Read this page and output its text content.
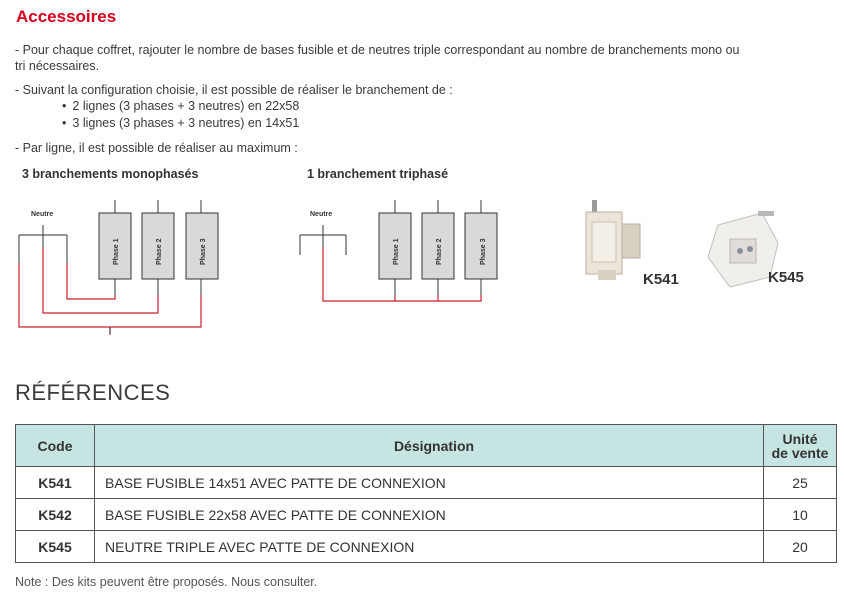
Accessoires
- Pour chaque coffret, rajouter le nombre de bases fusible et de neutres triple correspondant au nombre de branchements mono ou
tri nécessaires.
- Suivant la configuration choisie, il est possible de réaliser le branchement de :
• 2 lignes (3 phases + 3 neutres) en 22x58
• 3 lignes (3 phases + 3 neutres) en 14x51
- Par ligne, il est possible de réaliser au maximum :
3 branchements monophasés	1 branchement triphasé
Neutre
Phase 1	Phase 2	Phase 3
Neutre
Phase 1	Phase 2	Phase 3
K541	K545
RÉFÉRENCES
Code	Désignation	Unité
de vente

K541	BASE FUSIBLE 14x51 AVEC PATTE DE CONNEXION	25
K542	BASE FUSIBLE 22x58 AVEC PATTE DE CONNEXION	10
K545	NEUTRE TRIPLE AVEC PATTE DE CONNEXION	20
Note : Des kits peuvent être proposés. Nous consulter.
